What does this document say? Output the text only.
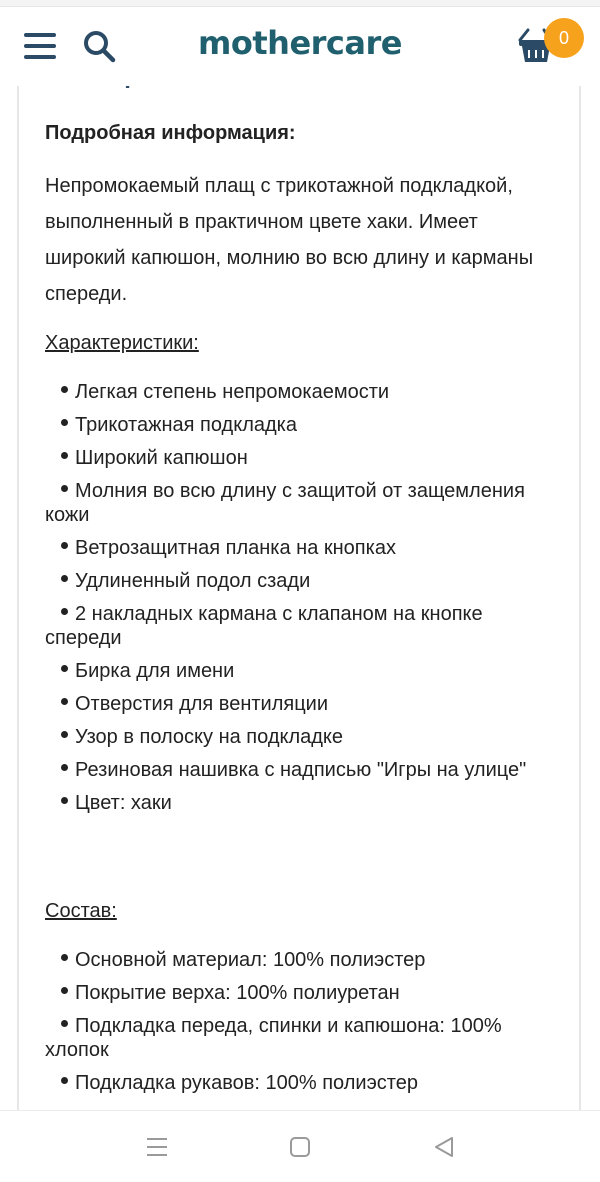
mothercare	0
Подробная информация:
Непромокаемый плащ с трикотажной подкладкой, выполненный в практичном цвете хаки. Имеет широкий капюшон, молнию во всю длину и карманы спереди.
Характеристики:
Легкая степень непромокаемости
Трикотажная подкладка
Широкий капюшон
Молния во всю длину с защитой от защемления кожи
Ветрозащитная планка на кнопках
Удлиненный подол сзади
2 накладных кармана с клапаном на кнопке спереди
Бирка для имени
Отверстия для вентиляции
Узор в полоску на подкладке
Резиновая нашивка с надписью "Игры на улице"
Цвет: хаки
Состав:
Основной материал: 100% полиэстер
Покрытие верха: 100% полиуретан
Подкладка переда, спинки и капюшона: 100% хлопок
Подкладка рукавов: 100% полиэстер
